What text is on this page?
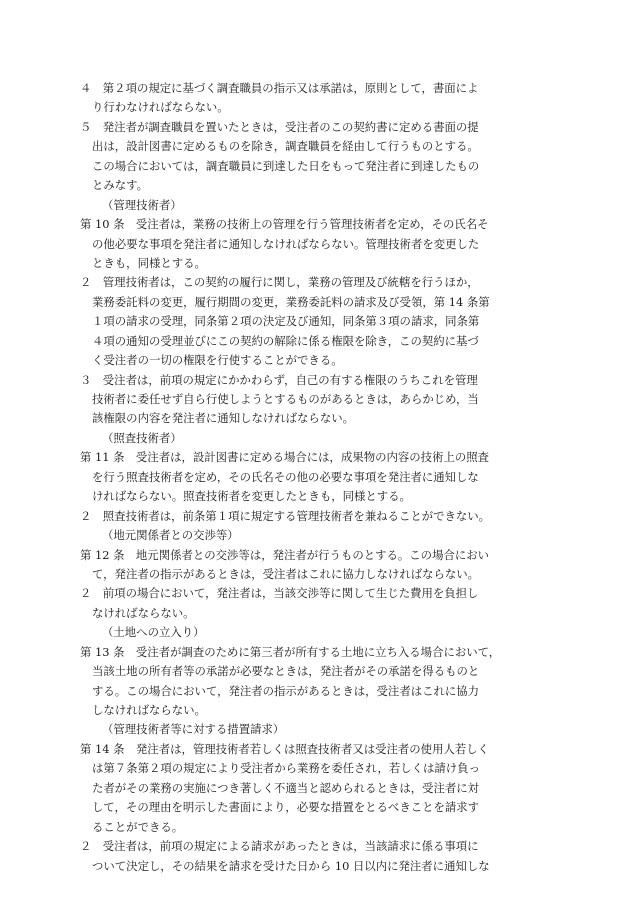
４　第２項の規定に基づく調査職員の指示又は承諾は，原則として，書面によ
り行わなければならない。
５　発注者が調査職員を置いたときは，受注者のこの契約書に定める書面の提
出は，設計図書に定めるものを除き，調査職員を経由して行うものとする。
この場合においては，調査職員に到達した日をもって発注者に到達したもの
とみなす。
（管理技術者）
第 10 条　受注者は，業務の技術上の管理を行う管理技術者を定め，その氏名そ
の他必要な事項を発注者に通知しなければならない。管理技術者を変更した
ときも，同様とする。
２　管理技術者は，この契約の履行に関し，業務の管理及び統轄を行うほか，
業務委託料の変更，履行期間の変更，業務委託料の請求及び受領，第 14 条第
１項の請求の受理，同条第２項の決定及び通知，同条第３項の請求，同条第
４項の通知の受理並びにこの契約の解除に係る権限を除き，この契約に基づ
く受注者の一切の権限を行使することができる。
３　受注者は，前項の規定にかかわらず，自己の有する権限のうちこれを管理
技術者に委任せず自ら行使しようとするものがあるときは，あらかじめ，当
該権限の内容を発注者に通知しなければならない。
（照査技術者）
第 11 条　受注者は，設計図書に定める場合には，成果物の内容の技術上の照査
を行う照査技術者を定め，その氏名その他の必要な事項を発注者に通知しな
ければならない。照査技術者を変更したときも，同様とする。
２　照査技術者は，前条第１項に規定する管理技術者を兼ねることができない。
（地元関係者との交渉等）
第 12 条　地元関係者との交渉等は，発注者が行うものとする。この場合におい
て，発注者の指示があるときは，受注者はこれに協力しなければならない。
２　前項の場合において，発注者は，当該交渉等に関して生じた費用を負担し
なければならない。
（土地への立入り）
第 13 条　受注者が調査のために第三者が所有する土地に立ち入る場合において，
当該土地の所有者等の承諾が必要なときは，発注者がその承諾を得るものと
する。この場合において，発注者の指示があるときは，受注者はこれに協力
しなければならない。
（管理技術者等に対する措置請求）
第 14 条　発注者は，管理技術者若しくは照査技術者又は受注者の使用人若しく
は第７条第２項の規定により受注者から業務を委任され，若しくは請け負っ
た者がその業務の実施につき著しく不適当と認められるときは，受注者に対
して，その理由を明示した書面により，必要な措置をとるべきことを請求す
ることができる。
２　受注者は，前項の規定による請求があったときは，当該請求に係る事項に
ついて決定し，その結果を請求を受けた日から 10 日以内に発注者に通知しな
